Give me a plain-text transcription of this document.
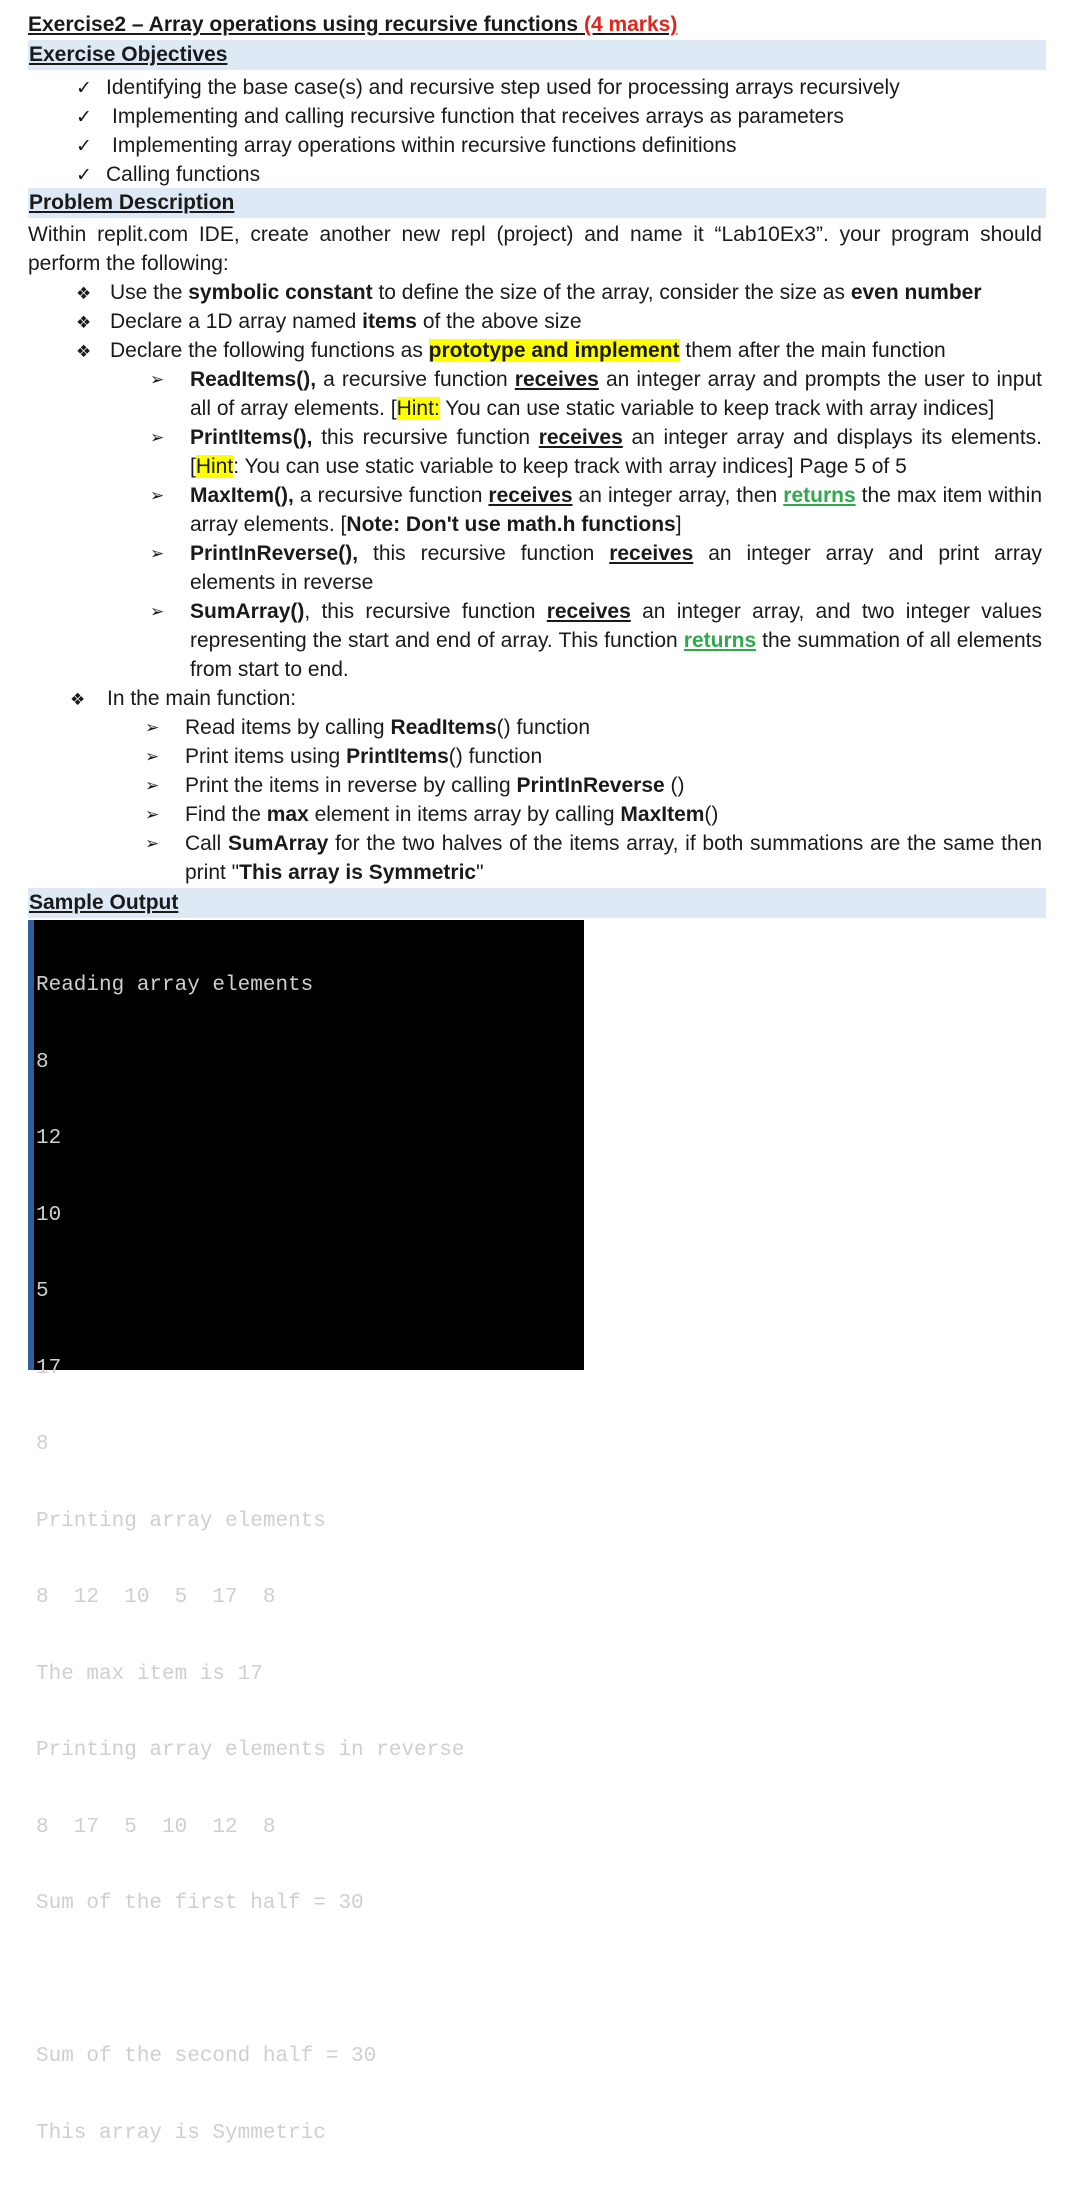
Exercise2 – Array operations using recursive functions (4 marks)
Exercise Objectives
✓ Identifying the base case(s) and recursive step used for processing arrays recursively
✓ Implementing and calling recursive function that receives arrays as parameters
✓ Implementing array operations within recursive functions definitions
✓ Calling functions
Problem Description
Within replit.com IDE, create another new repl (project) and name it “Lab10Ex3”. your program should perform the following:
❖ Use the symbolic constant to define the size of the array, consider the size as even number
❖ Declare a 1D array named items of the above size
❖ Declare the following functions as prototype and implement them after the main function
➢ ReadItems(), a recursive function receives an integer array and prompts the user to input all of array elements. [Hint: You can use static variable to keep track with array indices]
➢ PrintItems(), this recursive function receives an integer array and displays its elements. [Hint: You can use static variable to keep track with array indices] Page 5 of 5
➢ MaxItem(), a recursive function receives an integer array, then returns the max item within array elements. [Note: Don't use math.h functions]
➢ PrintInReverse(), this recursive function receives an integer array and print array elements in reverse
➢ SumArray(), this recursive function receives an integer array, and two integer values representing the start and end of array. This function returns the summation of all elements from start to end.
❖ In the main function:
➢ Read items by calling ReadItems() function
➢ Print items using PrintItems() function
➢ Print the items in reverse by calling PrintInReverse ()
➢ Find the max element in items array by calling MaxItem()
➢ Call SumArray for the two halves of the items array, if both summations are the same then print "This array is Symmetric"
Sample Output

Reading array elements

8

12

10

5

17

8

Printing array elements

8  12  10  5  17  8

The max item is 17

Printing array elements in reverse

8  17  5  10  12  8

Sum of the first half = 30

Sum of the second half = 30

This array is Symmetric
